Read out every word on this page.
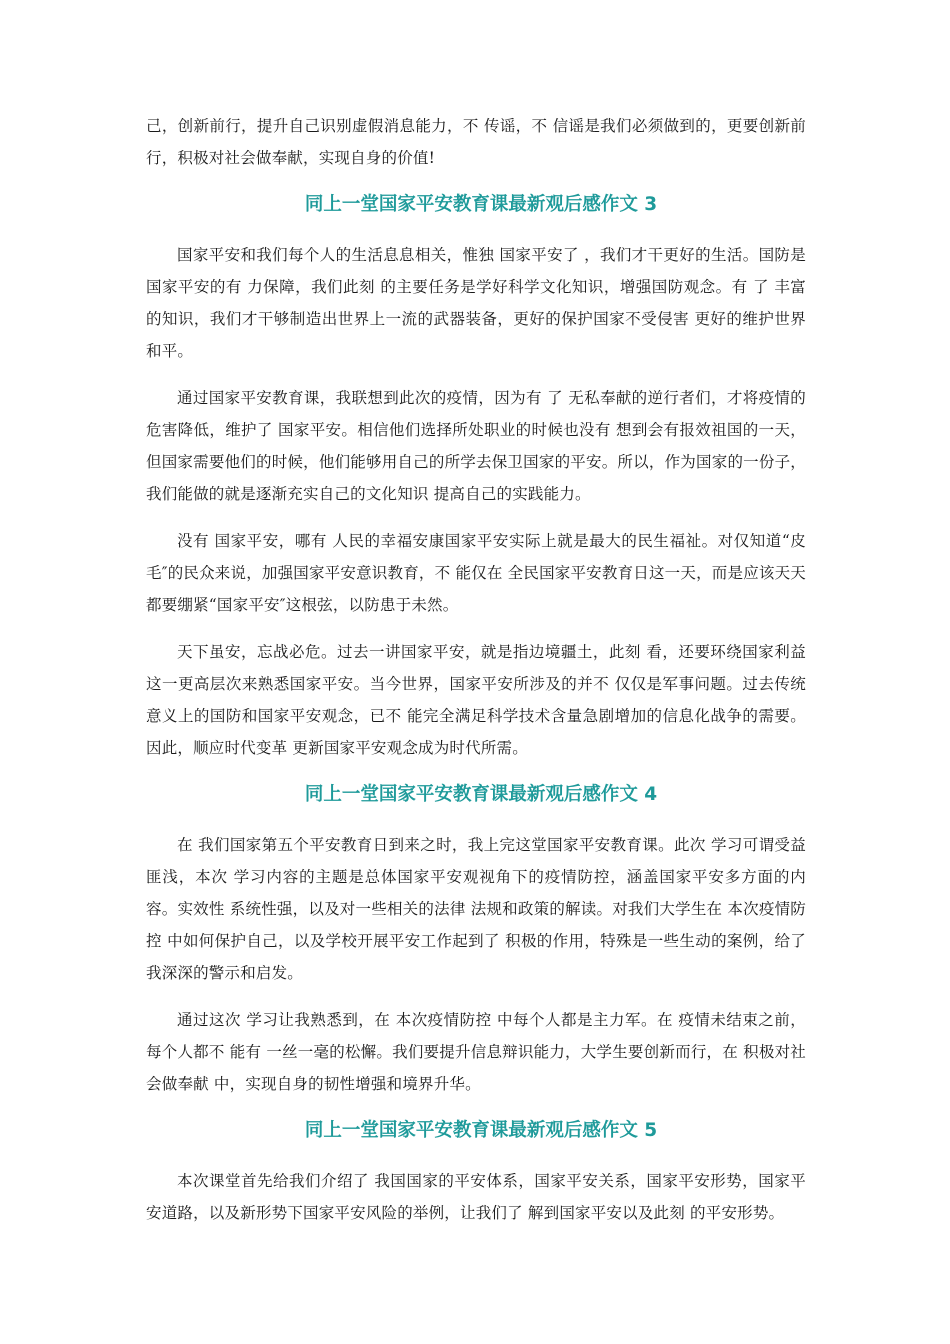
己，创新前行，提升自己识别虚假消息能力，不 传谣，不 信谣是我们必须做到的，更要创新前行，积极对社会做奉献，实现自身的价值!

同上一堂国家平安教育课最新观后感作文 3

国家平安和我们每个人的生活息息相关，惟独 国家平安了 ，我们才干更好的生活。国防是国家平安的有 力保障，我们此刻 的主要任务是学好科学文化知识，增强国防观念。有 了 丰富的知识，我们才干够制造出世界上一流的武器装备，更好的保护国家不受侵害 更好的维护世界和平。

通过国家平安教育课，我联想到此次的疫情，因为有 了 无私奉献的逆行者们，才将疫情的危害降低，维护了 国家平安。相信他们选择所处职业的时候也没有 想到会有报效祖国的一天，但国家需要他们的时候，他们能够用自己的所学去保卫国家的平安。所以，作为国家的一份子，我们能做的就是逐渐充实自己的文化知识 提高自己的实践能力。

没有 国家平安，哪有 人民的幸福安康国家平安实际上就是最大的民生福祉。对仅知道“皮毛″的民众来说，加强国家平安意识教育，不 能仅在 全民国家平安教育日这一天，而是应该天天都要绷紧“国家平安″这根弦，以防患于未然。

天下虽安，忘战必危。过去一讲国家平安，就是指边境疆土，此刻 看，还要环绕国家利益这一更高层次来熟悉国家平安。当今世界，国家平安所涉及的并不 仅仅是军事问题。过去传统意义上的国防和国家平安观念，已不 能完全满足科学技术含量急剧增加的信息化战争的需要。因此，顺应时代变革 更新国家平安观念成为时代所需。

同上一堂国家平安教育课最新观后感作文 4

在 我们国家第五个平安教育日到来之时，我上完这堂国家平安教育课。此次 学习可谓受益匪浅，本次 学习内容的主题是总体国家平安观视角下的疫情防控，涵盖国家平安多方面的内容。实效性 系统性强，以及对一些相关的法律 法规和政策的解读。对我们大学生在 本次疫情防控 中如何保护自己，以及学校开展平安工作起到了 积极的作用，特殊是一些生动的案例，给了 我深深的警示和启发。

通过这次 学习让我熟悉到，在 本次疫情防控 中每个人都是主力军。在 疫情未结束之前，每个人都不 能有 一丝一毫的松懈。我们要提升信息辩识能力，大学生要创新而行，在 积极对社会做奉献 中，实现自身的韧性增强和境界升华。

同上一堂国家平安教育课最新观后感作文 5

本次课堂首先给我们介绍了 我国国家的平安体系，国家平安关系，国家平安形势，国家平安道路，以及新形势下国家平安风险的举例，让我们了 解到国家平安以及此刻 的平安形势。
